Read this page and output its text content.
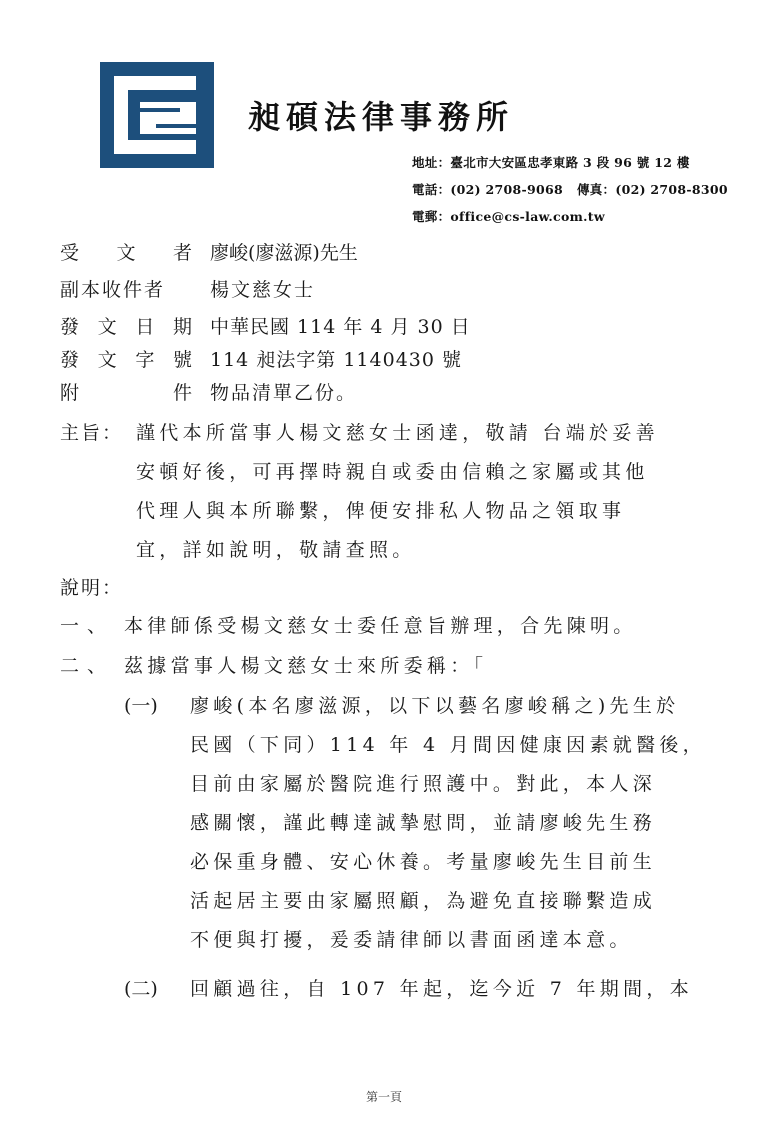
昶碩法律事務所
地址：臺北市大安區忠孝東路 3 段 96 號 12 樓
電話：(02) 2708-9068 傳真：(02) 2708-8300
電郵：office@cs-law.com.tw
受 文 者 廖峻(廖滋源)先生
副本收件者 楊文慈女士
發 文 日 期 中華民國 114 年 4 月 30 日
發 文 字 號 114 昶法字第 1140430 號
附	件 物品清單乙份。
主旨： 謹代本所當事人楊文慈女士函達，敬請 台端於妥善
安頓好後，可再擇時親自或委由信賴之家屬或其他
代理人與本所聯繫，俾便安排私人物品之領取事
宜，詳如說明，敬請查照。
說明：
一、 本律師係受楊文慈女士委任意旨辦理，合先陳明。
二、 茲據當事人楊文慈女士來所委稱：「
(一) 廖峻(本名廖滋源，以下以藝名廖峻稱之)先生於
民國（下同）114 年 4 月間因健康因素就醫後，
目前由家屬於醫院進行照護中。對此，本人深
感關懷，謹此轉達誠摯慰問，並請廖峻先生務
必保重身體、安心休養。考量廖峻先生目前生
活起居主要由家屬照顧，為避免直接聯繫造成
不便與打擾，爰委請律師以書面函達本意。
(二) 回顧過往，自 107 年起，迄今近 7 年期間，本
第一頁
